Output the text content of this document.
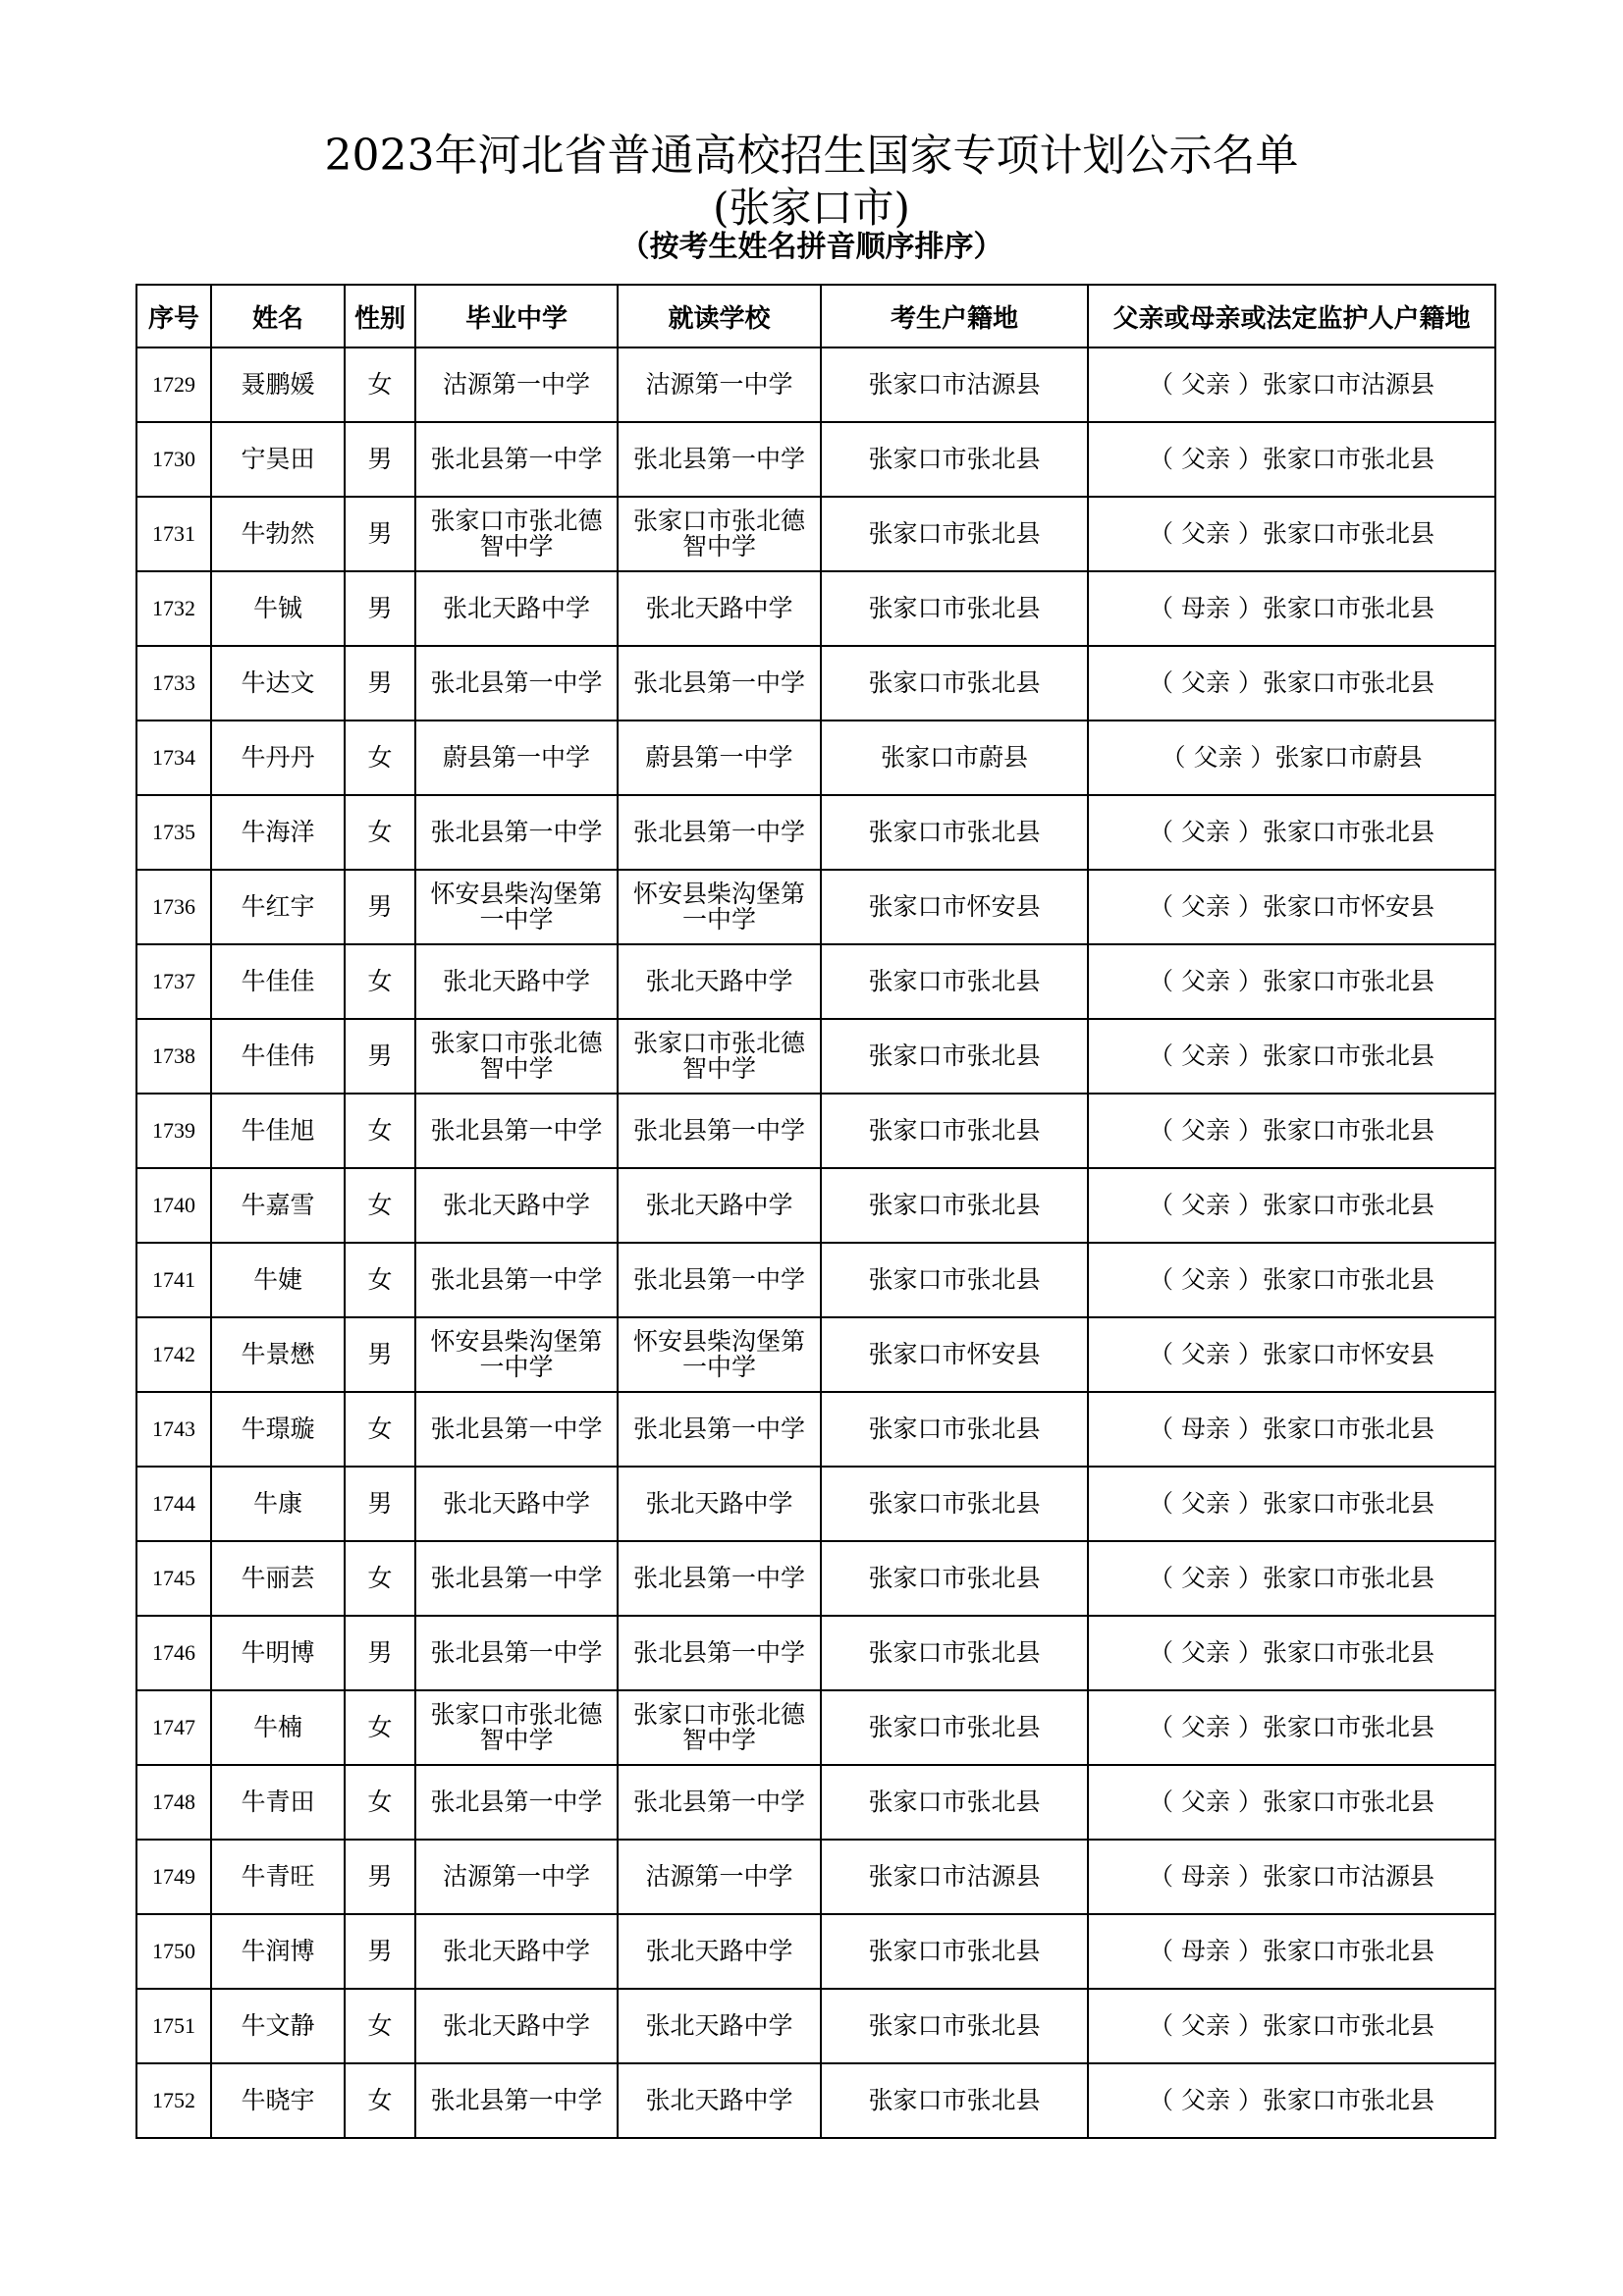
2023年河北省普通高校招生国家专项计划公示名单
(张家口市)
（按考生姓名拼音顺序排序）
序号	姓名	性别	毕业中学	就读学校	考生户籍地	父亲或母亲或法定监护人户籍地
1729	聂鹏媛	女	沽源第一中学	沽源第一中学	张家口市沽源县	（ 父亲 ）张家口市沽源县
1730	宁昊田	男	张北县第一中学	张北县第一中学	张家口市张北县	（ 父亲 ）张家口市张北县
1731	牛勃然	男	张家口市张北德智中学	张家口市张北德智中学	张家口市张北县	（ 父亲 ）张家口市张北县
1732	牛铖	男	张北天路中学	张北天路中学	张家口市张北县	（ 母亲 ）张家口市张北县
1733	牛达文	男	张北县第一中学	张北县第一中学	张家口市张北县	（ 父亲 ）张家口市张北县
1734	牛丹丹	女	蔚县第一中学	蔚县第一中学	张家口市蔚县	（ 父亲 ）张家口市蔚县
1735	牛海洋	女	张北县第一中学	张北县第一中学	张家口市张北县	（ 父亲 ）张家口市张北县
1736	牛红宇	男	怀安县柴沟堡第一中学	怀安县柴沟堡第一中学	张家口市怀安县	（ 父亲 ）张家口市怀安县
1737	牛佳佳	女	张北天路中学	张北天路中学	张家口市张北县	（ 父亲 ）张家口市张北县
1738	牛佳伟	男	张家口市张北德智中学	张家口市张北德智中学	张家口市张北县	（ 父亲 ）张家口市张北县
1739	牛佳旭	女	张北县第一中学	张北县第一中学	张家口市张北县	（ 父亲 ）张家口市张北县
1740	牛嘉雪	女	张北天路中学	张北天路中学	张家口市张北县	（ 父亲 ）张家口市张北县
1741	牛婕	女	张北县第一中学	张北县第一中学	张家口市张北县	（ 父亲 ）张家口市张北县
1742	牛景懋	男	怀安县柴沟堡第一中学	怀安县柴沟堡第一中学	张家口市怀安县	（ 父亲 ）张家口市怀安县
1743	牛璟璇	女	张北县第一中学	张北县第一中学	张家口市张北县	（ 母亲 ）张家口市张北县
1744	牛康	男	张北天路中学	张北天路中学	张家口市张北县	（ 父亲 ）张家口市张北县
1745	牛丽芸	女	张北县第一中学	张北县第一中学	张家口市张北县	（ 父亲 ）张家口市张北县
1746	牛明博	男	张北县第一中学	张北县第一中学	张家口市张北县	（ 父亲 ）张家口市张北县
1747	牛楠	女	张家口市张北德智中学	张家口市张北德智中学	张家口市张北县	（ 父亲 ）张家口市张北县
1748	牛青田	女	张北县第一中学	张北县第一中学	张家口市张北县	（ 父亲 ）张家口市张北县
1749	牛青旺	男	沽源第一中学	沽源第一中学	张家口市沽源县	（ 母亲 ）张家口市沽源县
1750	牛润博	男	张北天路中学	张北天路中学	张家口市张北县	（ 母亲 ）张家口市张北县
1751	牛文静	女	张北天路中学	张北天路中学	张家口市张北县	（ 父亲 ）张家口市张北县
1752	牛晓宇	女	张北县第一中学	张北天路中学	张家口市张北县	（ 父亲 ）张家口市张北县
